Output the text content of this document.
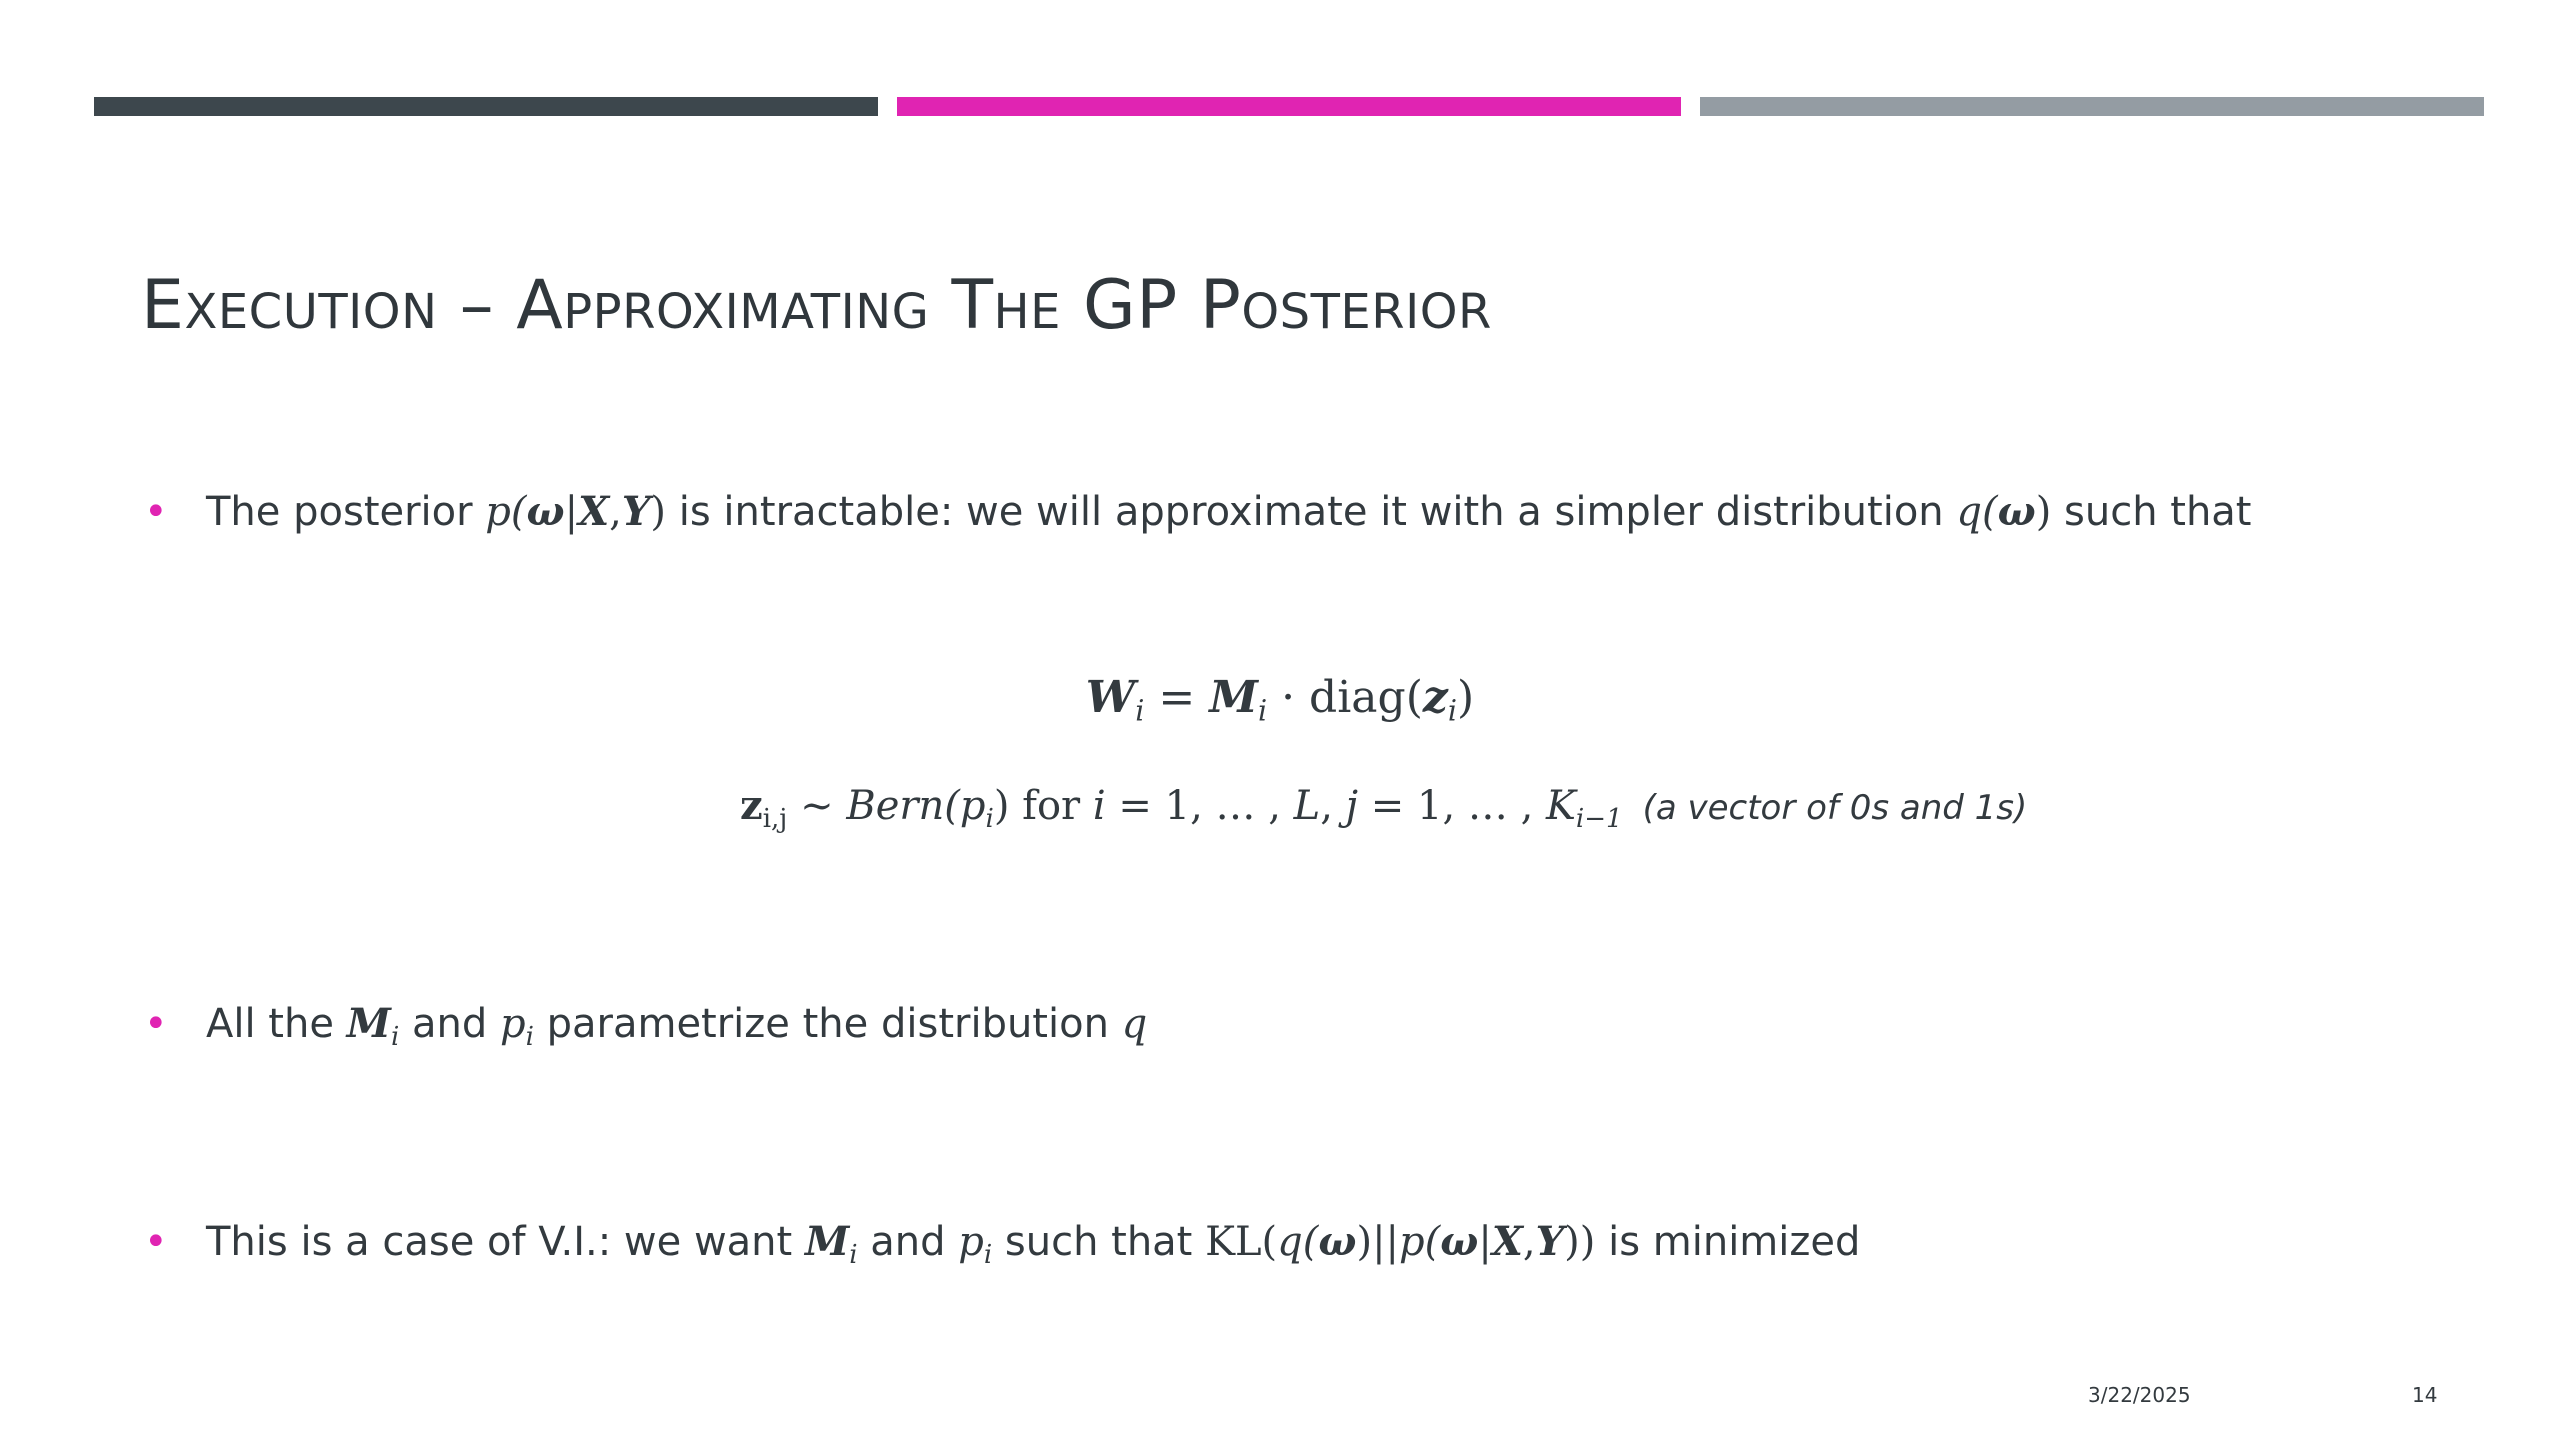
Execution – Approximating The GP Posterior
• The posterior p(ω|X,Y) is intractable: we will approximate it with a simpler distribution q(ω) such that
$W_i = M_i$ · $diag(z_i)$
$z_{i,j}$ ~ $Bern(p_i)$ for i = 1, … , L, j = 1, … , $K_{i-1}$ (a vector of 0s and 1s)
• All the $M_i$ and $p_i$ parametrize the distribution q
• This is a case of V.I.: we want $M_i$ and $p_i$ such that KL(q(ω)||p(ω|X,Y)) is minimized
3/22/2025	14
